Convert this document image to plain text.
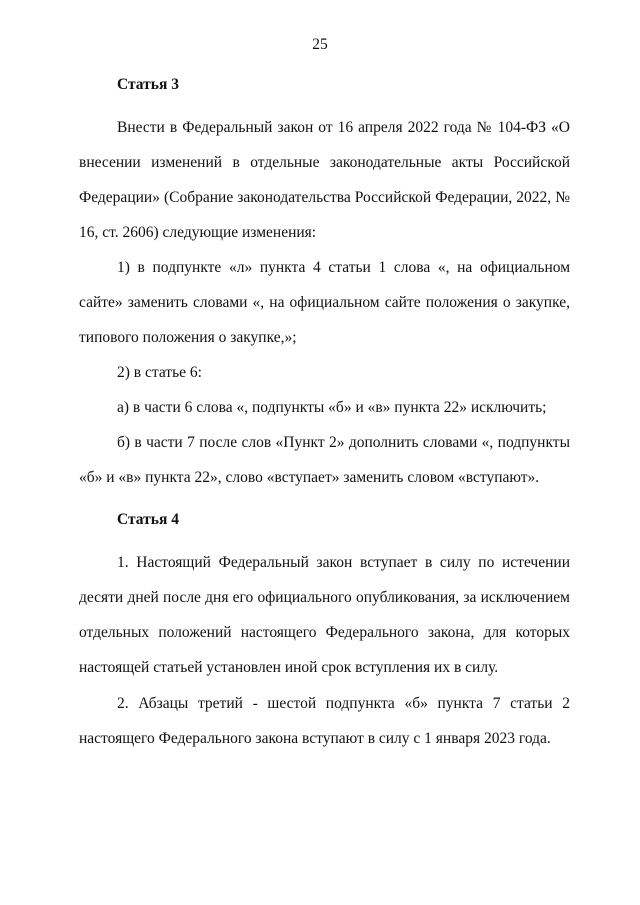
25
Статья 3

Внести в Федеральный закон от 16 апреля 2022 года № 104-ФЗ «О внесении изменений в отдельные законодательные акты Российской Федерации» (Собрание законодательства Российской Федерации, 2022, № 16, ст. 2606) следующие изменения:

1) в подпункте «л» пункта 4 статьи 1 слова «, на официальном сайте» заменить словами «, на официальном сайте положения о закупке, типового положения о закупке,»;

2) в статье 6:

а) в части 6 слова «, подпункты «б» и «в» пункта 22» исключить;

б) в части 7 после слов «Пункт 2» дополнить словами «, подпункты «б» и «в» пункта 22», слово «вступает» заменить словом «вступают».

Статья 4

1. Настоящий Федеральный закон вступает в силу по истечении десяти дней после дня его официального опубликования, за исключением отдельных положений настоящего Федерального закона, для которых настоящей статьей установлен иной срок вступления их в силу.

2. Абзацы третий - шестой подпункта «б» пункта 7 статьи 2 настоящего Федерального закона вступают в силу с 1 января 2023 года.
